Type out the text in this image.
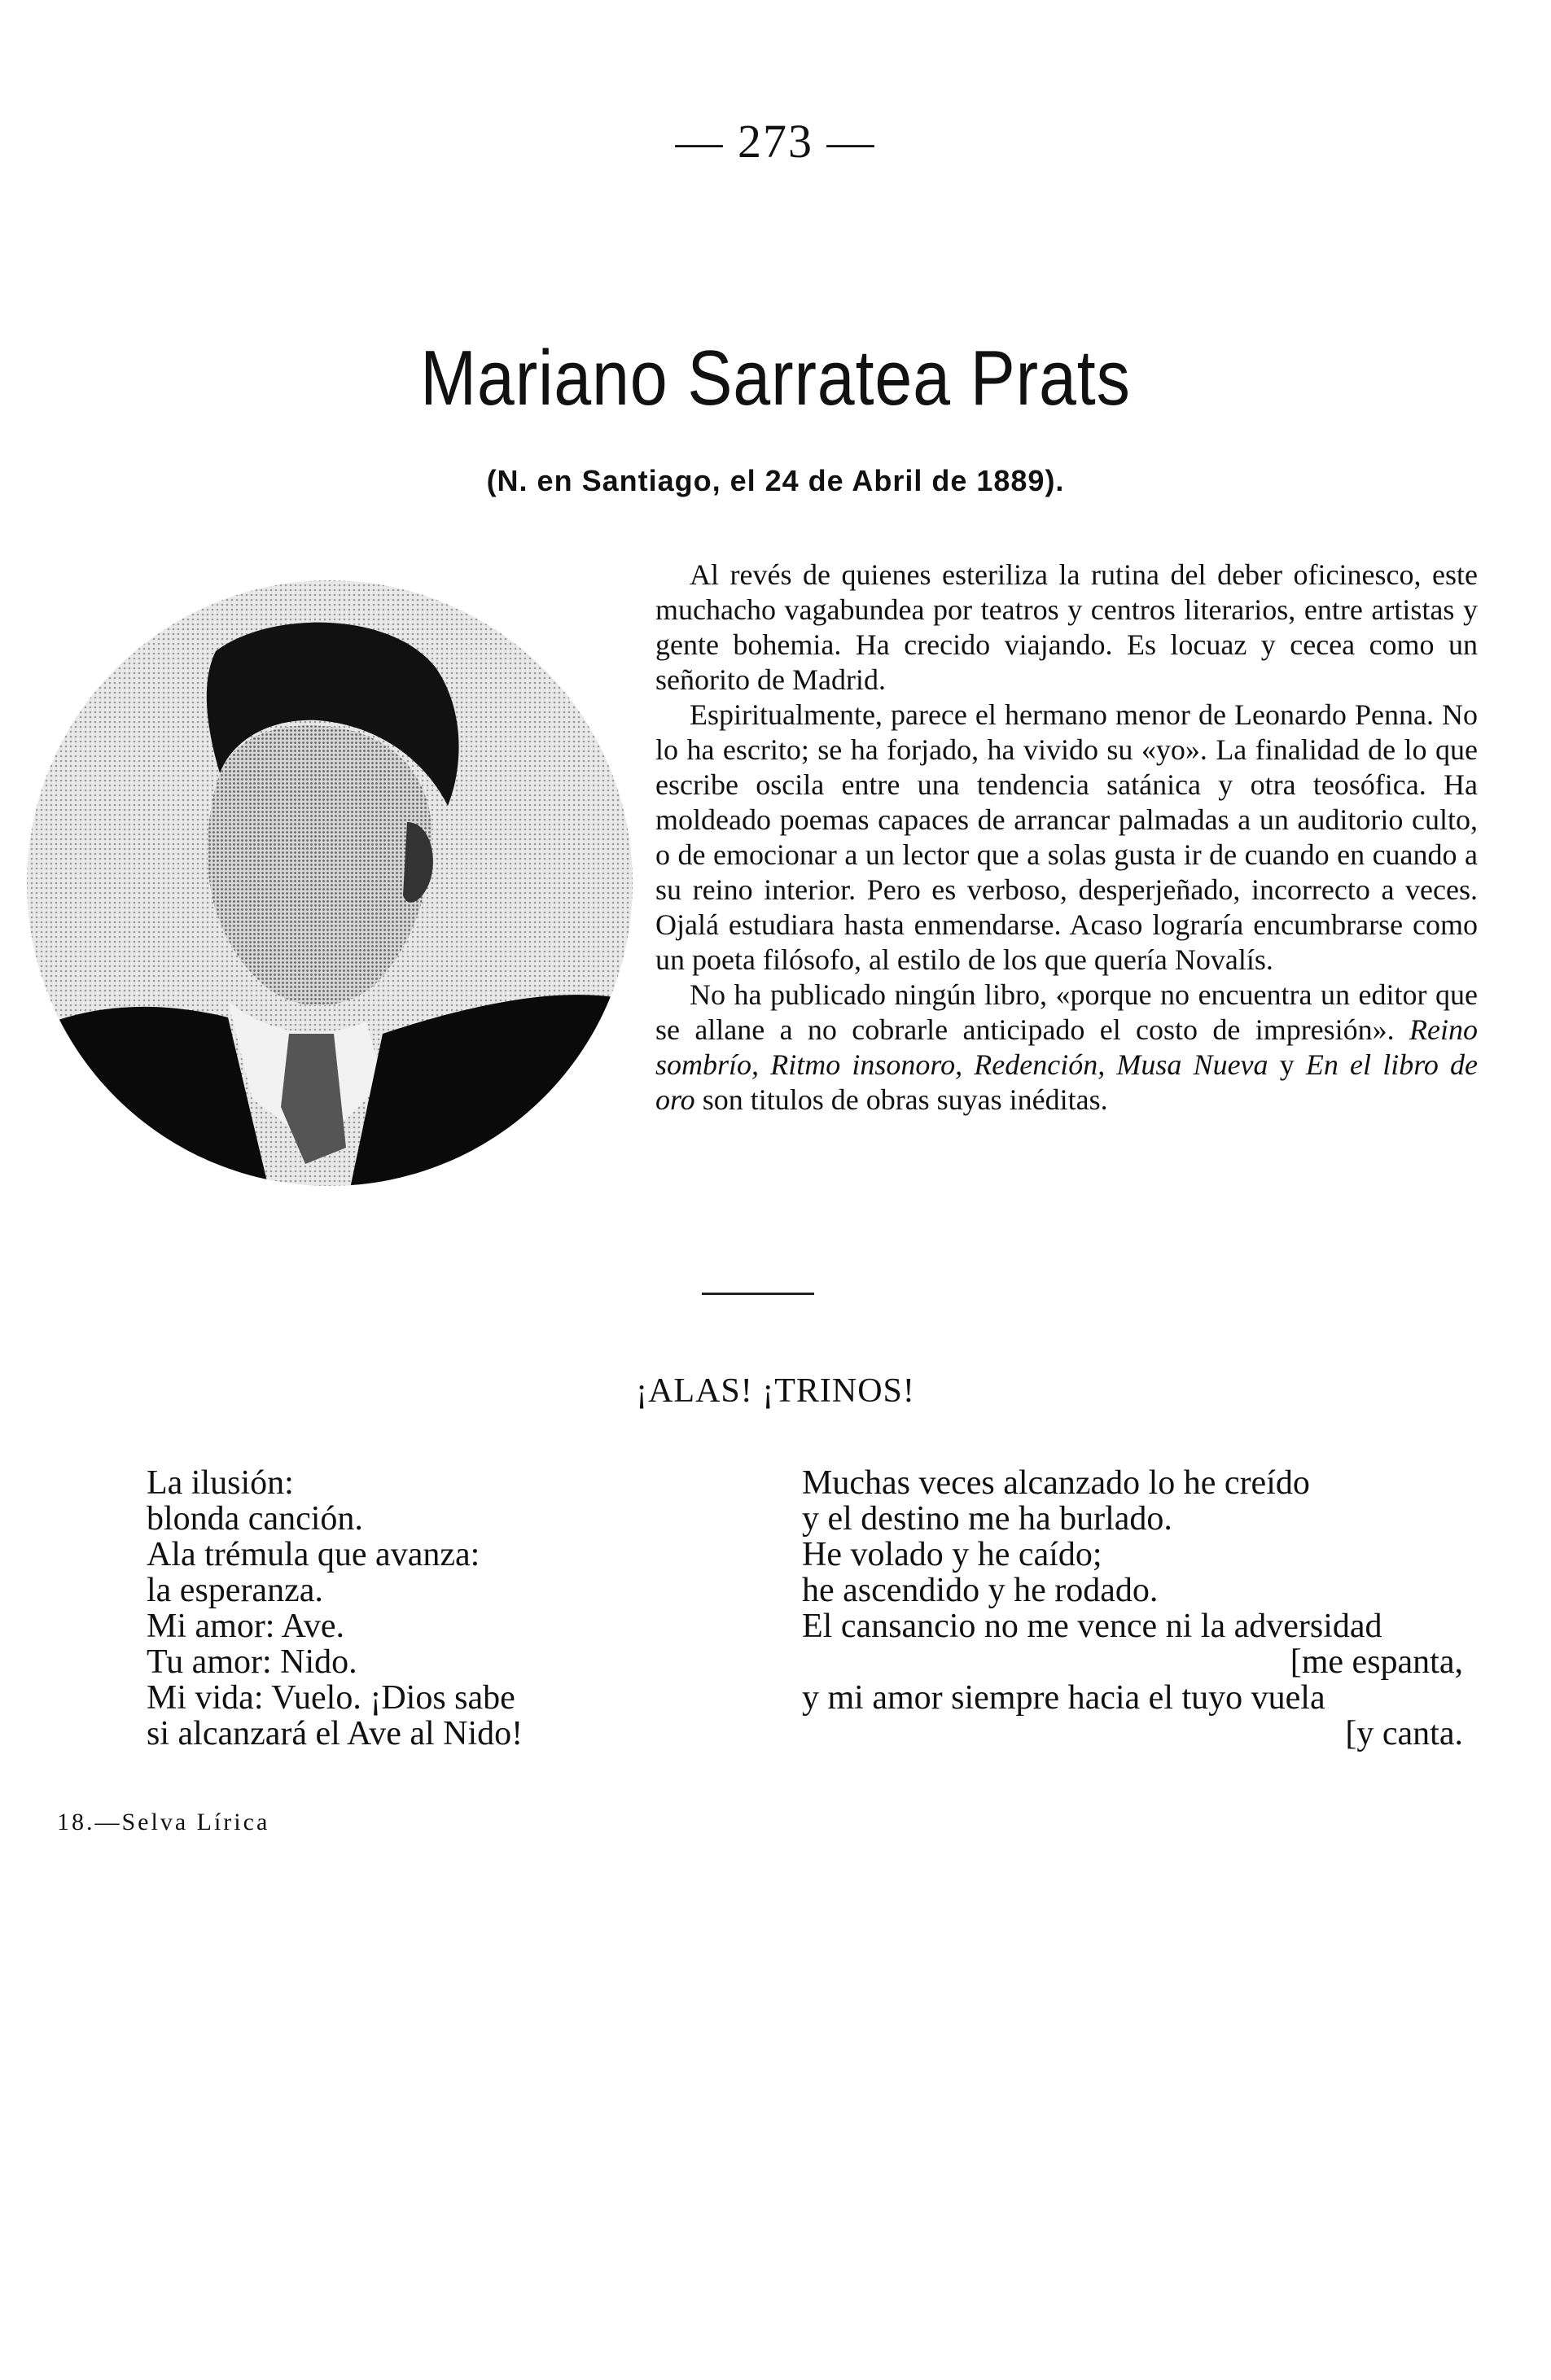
— 273 —
Mariano Sarratea Prats
(N. en Santiago, el 24 de Abril de 1889).

Al revés de quienes esteriliza la rutina del deber oficinesco, este muchacho vagabundea por teatros y centros literarios, entre artistas y gente bohemia. Ha crecido viajando. Es locuaz y cecea como un señorito de Madrid.

Espiritualmente, parece el hermano menor de Leonardo Penna. No lo ha escrito; se ha forjado, ha vivido su «yo». La finalidad de lo que escribe oscila entre una tendencia satánica y otra teosófica. Ha moldeado poemas capaces de arrancar palmadas a un auditorio culto, o de emocionar a un lector que a solas gusta ir de cuando en cuando a su reino interior. Pero es verboso, desperjeñado, incorrecto a veces. Ojalá estudiara hasta enmendarse. Acaso lograría encumbrarse como un poeta filósofo, al estilo de los que quería Novalís.

No ha publicado ningún libro, «porque no encuentra un editor que se allane a no cobrarle anticipado el costo de impresión». Reino sombrío, Ritmo insonoro, Redención, Musa Nueva y En el libro de oro son titulos de obras suyas inéditas.

¡ALAS! ¡TRINOS!
La ilusión:
blonda canción.
Ala trémula que avanza:
la esperanza.
Mi amor: Ave.
Tu amor: Nido.
Mi vida: Vuelo. ¡Dios sabe
si alcanzará el Ave al Nido!
Muchas veces alcanzado lo he creído
y el destino me ha burlado.
He volado y he caído;
he ascendido y he rodado.
El cansancio no me vence ni la adversidad
[me espanta,
y mi amor siempre hacia el tuyo vuela
[y canta.
18.—Selva Lírica
